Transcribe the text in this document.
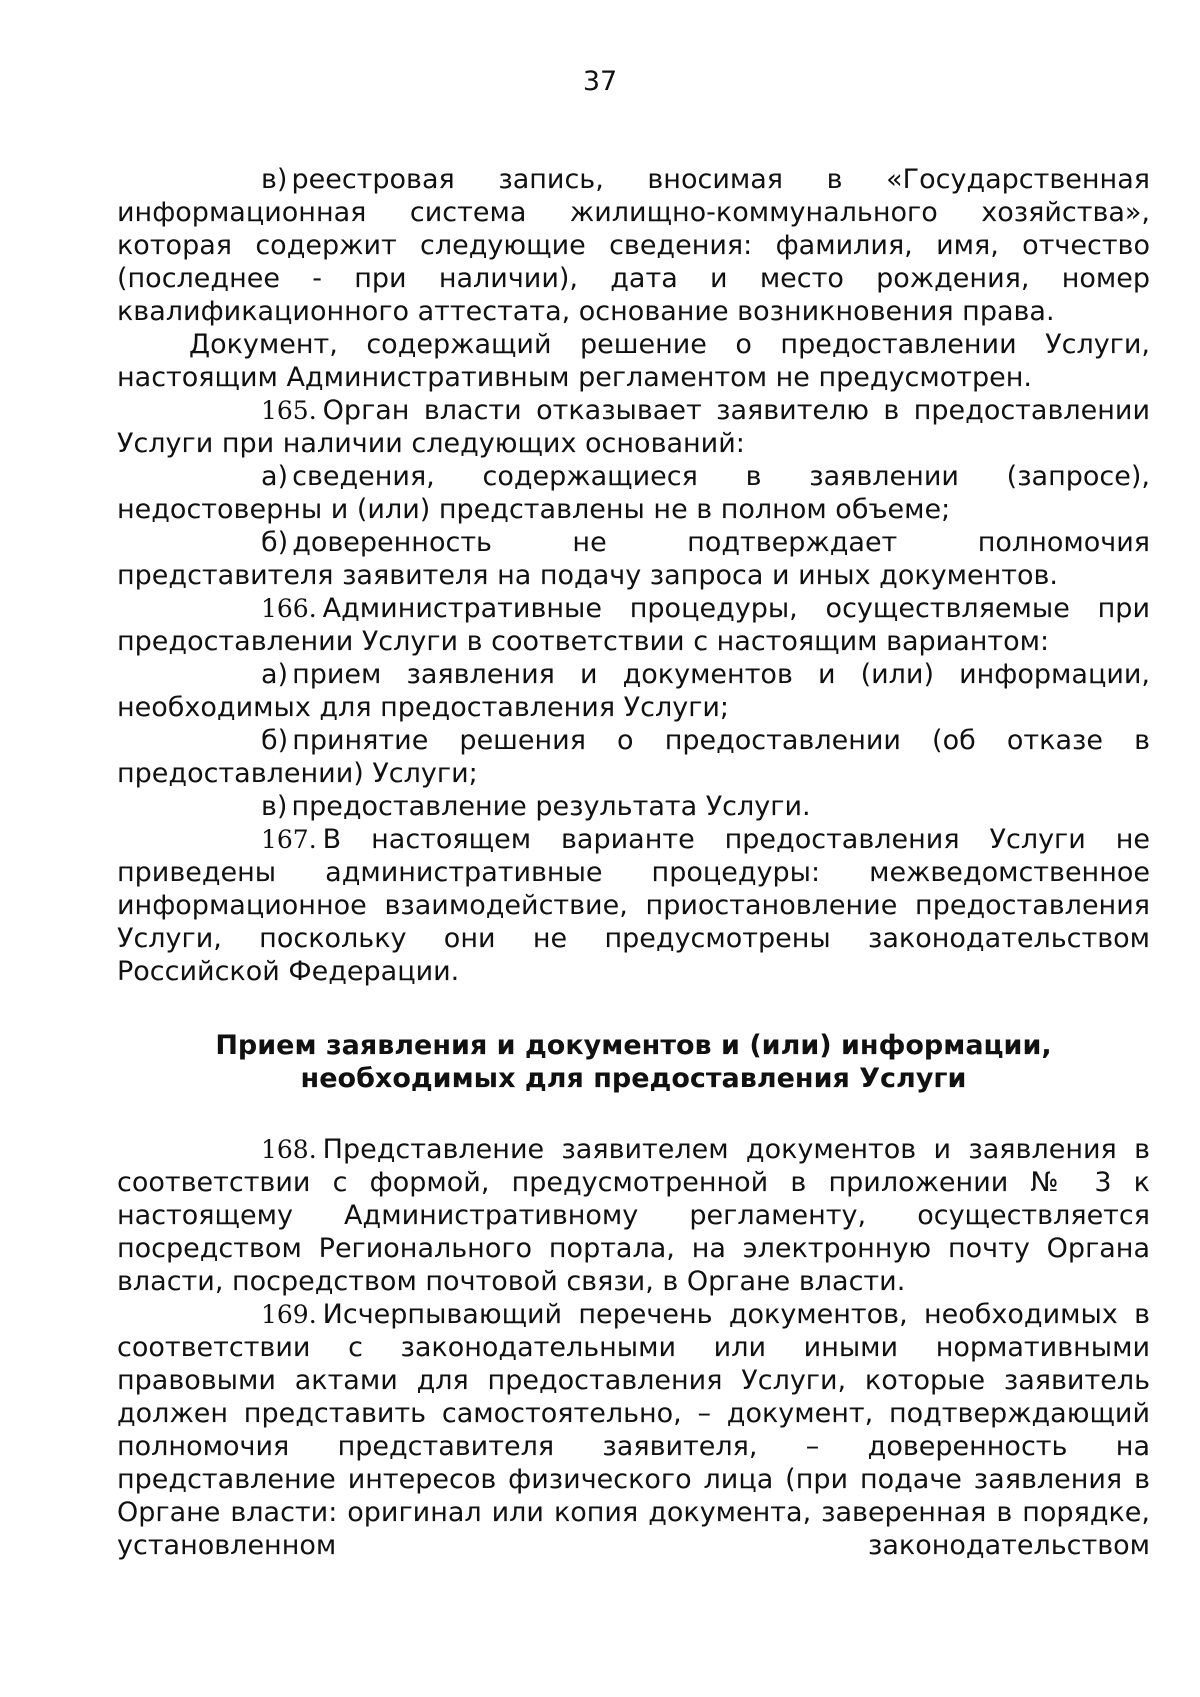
37

в) реестровая запись, вносимая в «Государственная информационная система жилищно-коммунального хозяйства», которая содержит следующие сведения: фамилия, имя, отчество (последнее - при наличии), дата и место рождения, номер квалификационного аттестата, основание возникновения права.

Документ, содержащий решение о предоставлении Услуги, настоящим Административным регламентом не предусмотрен.

165. Орган власти отказывает заявителю в предоставлении Услуги при наличии следующих оснований:

а) сведения, содержащиеся в заявлении (запросе), недостоверны и (или) представлены не в полном объеме;

б) доверенность не подтверждает полномочия представителя заявителя на подачу запроса и иных документов.

166. Административные процедуры, осуществляемые при предоставлении Услуги в соответствии с настоящим вариантом:

а) прием заявления и документов и (или) информации, необходимых для предоставления Услуги;

б) принятие решения о предоставлении (об отказе в предоставлении) Услуги;

в) предоставление результата Услуги.

167. В настоящем варианте предоставления Услуги не приведены административные процедуры: межведомственное информационное взаимодействие, приостановление предоставления Услуги, поскольку они не предусмотрены законодательством Российской Федерации.

Прием заявления и документов и (или) информации,
необходимых для предоставления Услуги

168. Представление заявителем документов и заявления в соответствии с формой, предусмотренной в приложении № 3 к настоящему Административному регламенту, осуществляется посредством Регионального портала, на электронную почту Органа власти, посредством почтовой связи, в Органе власти.

169. Исчерпывающий перечень документов, необходимых в соответствии с законодательными или иными нормативными правовыми актами для предоставления Услуги, которые заявитель должен представить самостоятельно, – документ, подтверждающий полномочия представителя заявителя, – доверенность на представление интересов физического лица (при подаче заявления в Органе власти: оригинал или копия документа, заверенная в порядке, установленном законодательством
